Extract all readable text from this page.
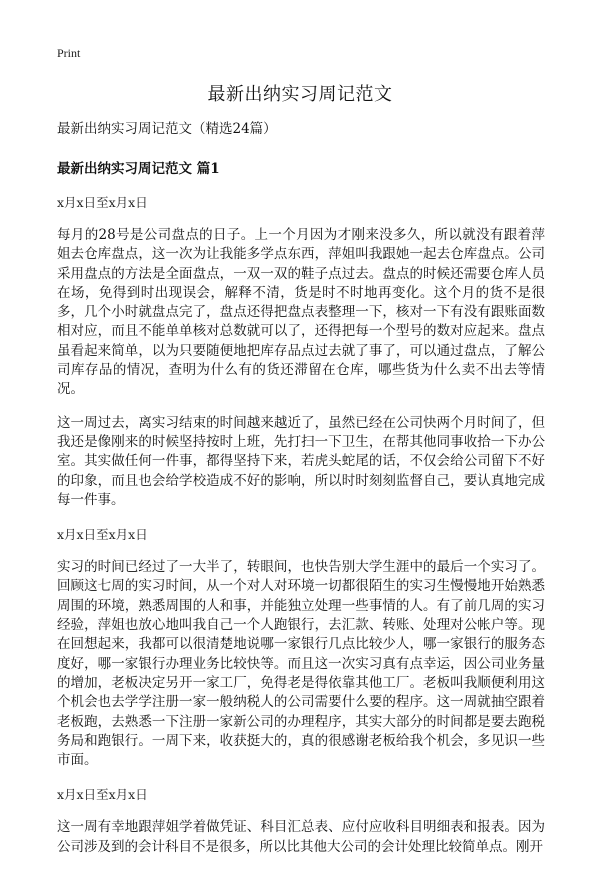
Print
最新出纳实习周记范文
最新出纳实习周记范文（精选24篇）
最新出纳实习周记范文 篇1
x月x日至x月x日

每月的28号是公司盘点的日子。上一个月因为才刚来没多久，所以就没有跟着萍姐去仓库盘点，这一次为让我能多学点东西，萍姐叫我跟她一起去仓库盘点。公司采用盘点的方法是全面盘点，一双一双的鞋子点过去。盘点的时候还需要仓库人员在场，免得到时出现误会，解释不清，货是时不时地再变化。这个月的货不是很多，几个小时就盘点完了，盘点还得把盘点表整理一下，核对一下有没有跟账面数相对应，而且不能单单核对总数就可以了，还得把每一个型号的数对应起来。盘点虽看起来简单，以为只要随便地把库存品点过去就了事了，可以通过盘点，了解公司库存品的情况，查明为什么有的货还滞留在仓库，哪些货为什么卖不出去等情况。

这一周过去，离实习结束的时间越来越近了，虽然已经在公司快两个月时间了，但我还是像刚来的时候坚持按时上班，先打扫一下卫生，在帮其他同事收拾一下办公室。其实做任何一件事，都得坚持下来，若虎头蛇尾的话，不仅会给公司留下不好的印象，而且也会给学校造成不好的影响，所以时时刻刻监督自己，要认真地完成每一件事。

x月x日至x月x日

实习的时间已经过了一大半了，转眼间，也快告别大学生涯中的最后一个实习了。回顾这七周的实习时间，从一个对人对环境一切都很陌生的实习生慢慢地开始熟悉周围的环境，熟悉周围的人和事，并能独立处理一些事情的人。有了前几周的实习经验，萍姐也放心地叫我自己一个人跑银行，去汇款、转账、处理对公帐户等。现在回想起来，我都可以很清楚地说哪一家银行几点比较少人，哪一家银行的服务态度好，哪一家银行办理业务比较快等。而且这一次实习真有点幸运，因公司业务量的增加，老板决定另开一家工厂，免得老是得依靠其他工厂。老板叫我顺便利用这个机会也去学学注册一家一般纳税人的公司需要什么要的程序。这一周就抽空跟着老板跑，去熟悉一下注册一家新公司的办理程序，其实大部分的时间都是要去跑税务局和跑银行。一周下来，收获挺大的，真的很感谢老板给我个机会，多见识一些市面。

x月x日至x月x日

这一周有幸地跟萍姐学着做凭证、科目汇总表、应付应收科目明细表和报表。因为公司涉及到的会计科目不是很多，所以比其他大公司的会计处理比较简单点。刚开
